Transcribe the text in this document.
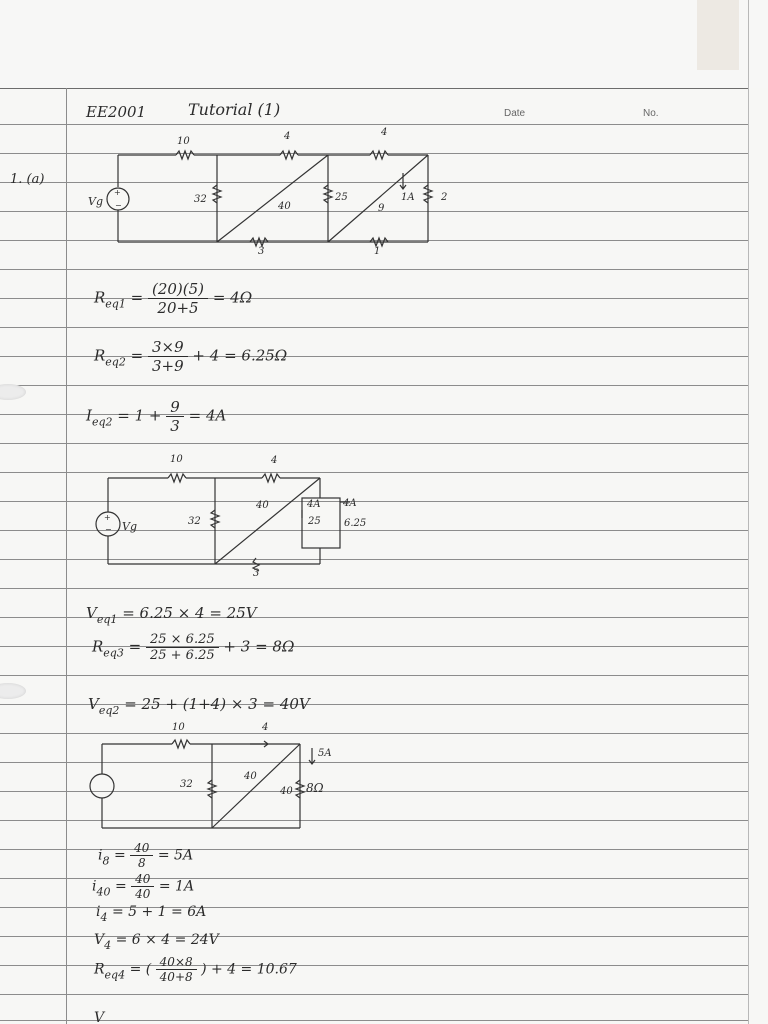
EE2001	Tutorial (1)	Date	No.
1. (a)
+
−
10	4	4
32
40
25
9
1A	2
3	1
Vg
$R_{eq1} = \frac{(20)(5)}{20+5} = 4\Omega$
$R_{eq2} = \frac{3\times 9}{3+9} + 4 = 6.25\Omega$
$I_{eq2} = 1 + \frac{9}{3} = 4A$
+
−
10	4
32
40
3
4A 4A
25 6.25
Vg
$V_{eq1} = 6.25 \times 4 = 25V$
$R_{eq3} = \frac{25 \times 6.25}{25 + 6.25} + 3 = 8\Omega$
$V_{eq2} = 25 + (1+4) \times 3 = 40V$
10	4
32
40
40 8Ω
5A
$i_8 = \frac{40}{8} = 5A$
$i_{40} = \frac{40}{40} = 1A$
$i_4 = 5 + 1 = 6A$
$V_4 = 6 \times 4 = 24V$
$R_{eq4}$ = ( $\frac{40\times 8}{40+8}$ ) + 4 = 10.67
V
